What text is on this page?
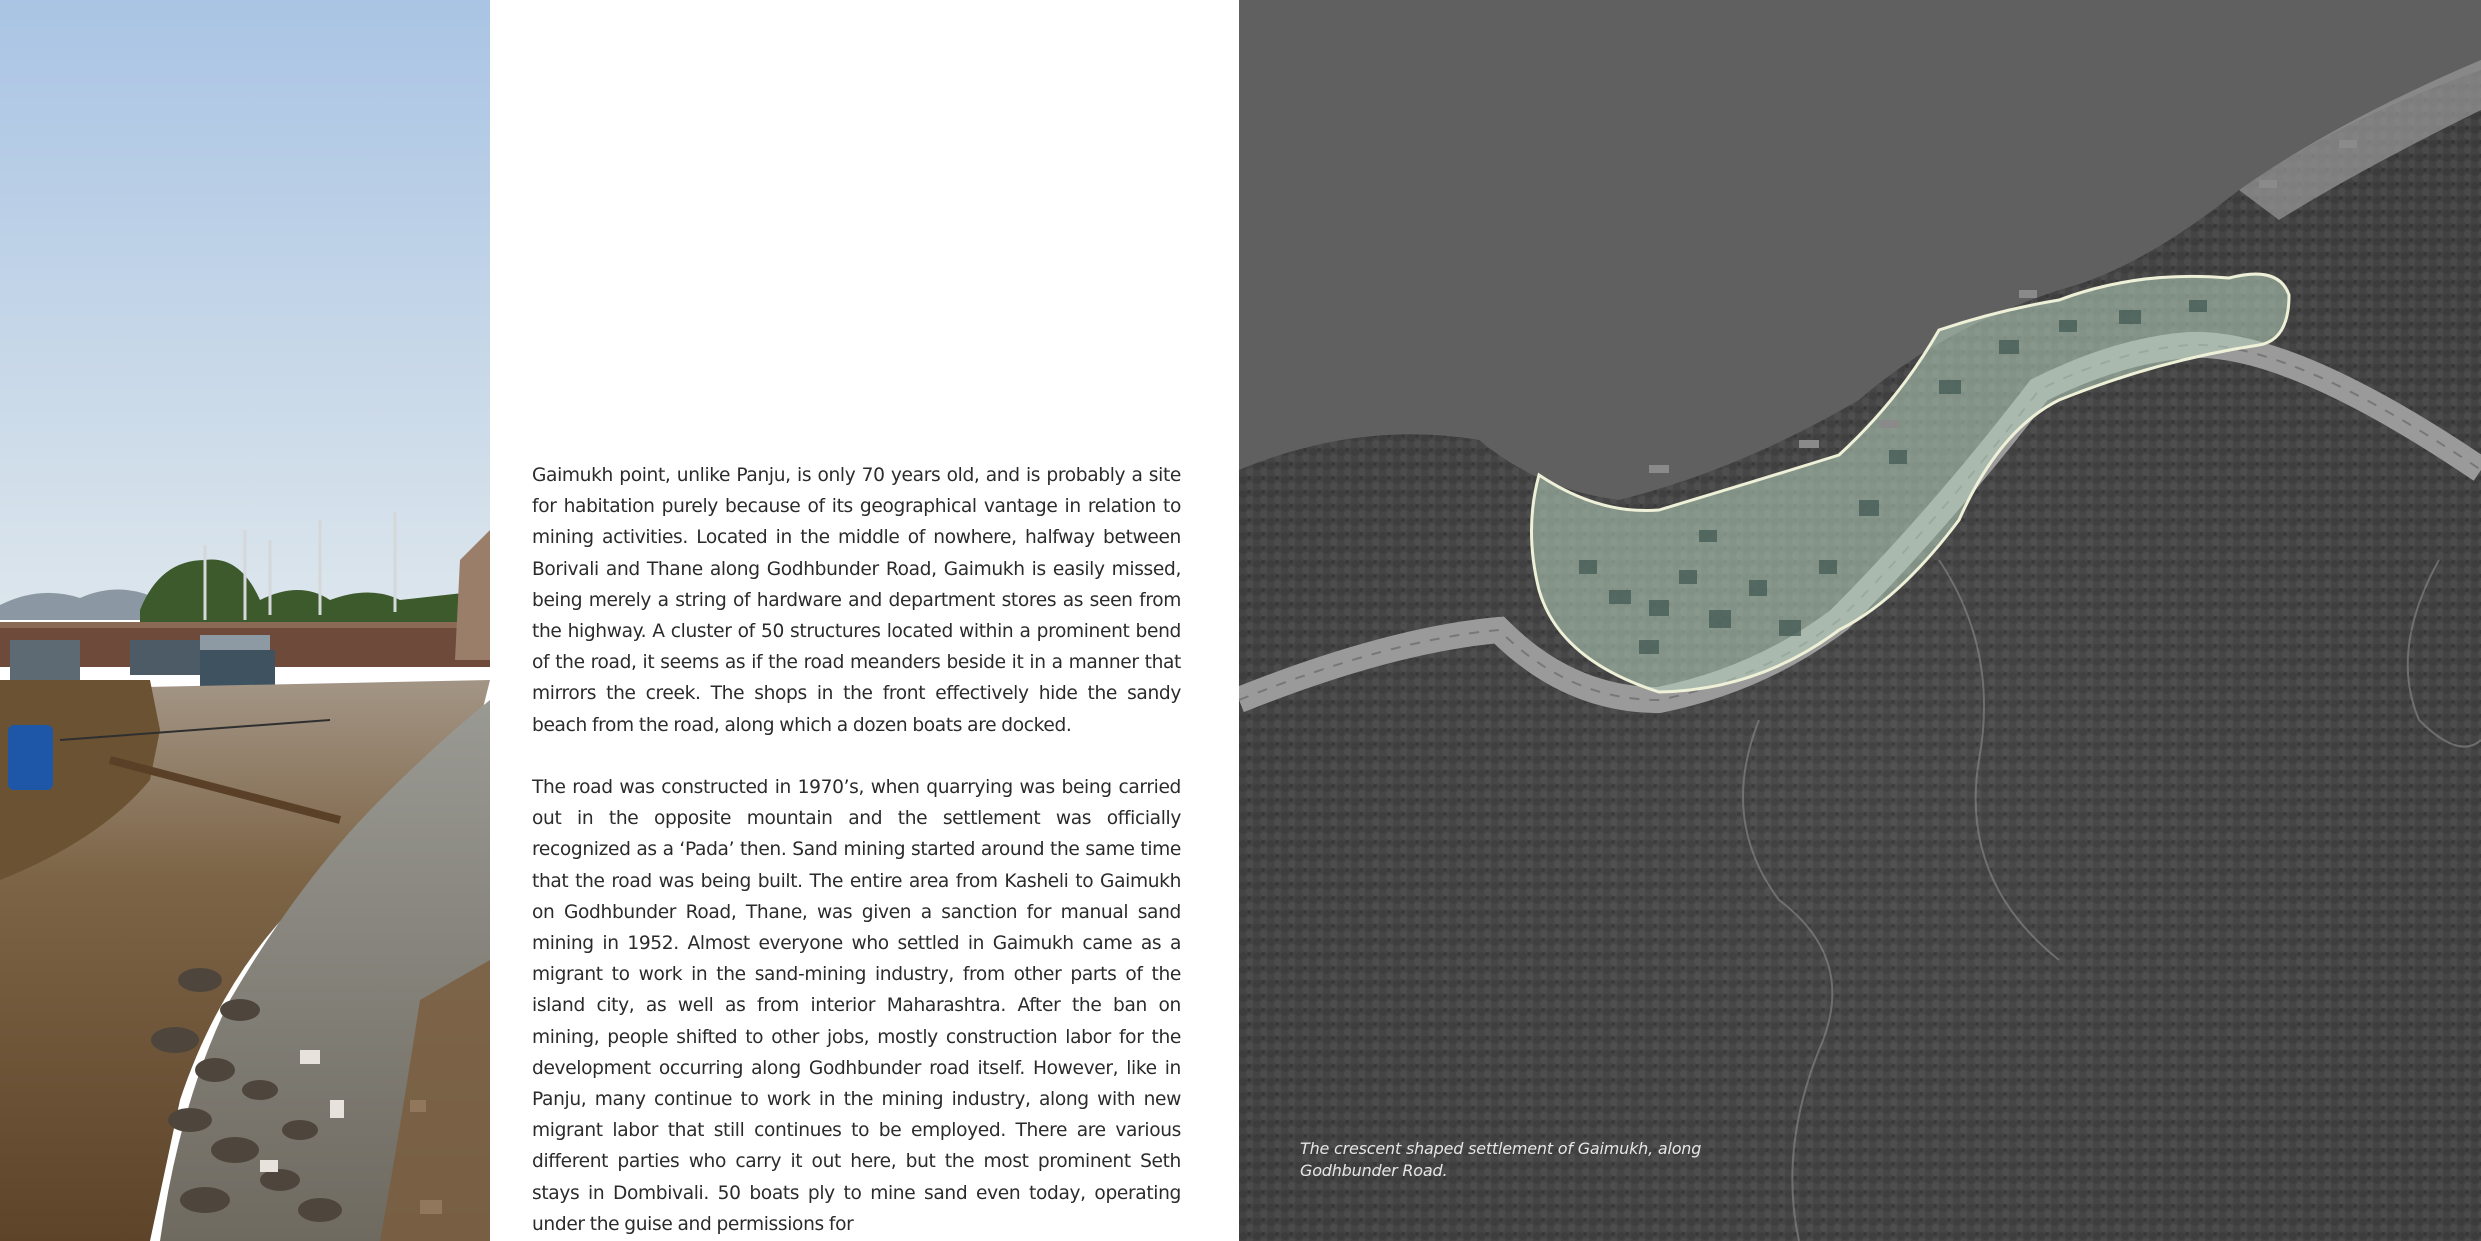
Gaimukh point, unlike Panju, is only 70 years old, and is probably a site for habitation purely because of its geographical vantage in relation to mining activities. Located in the middle of nowhere, halfway between Borivali and Thane along Godhbunder Road, Gaimukh is easily missed, being merely a string of hardware and department stores as seen from the highway. A cluster of 50 structures located within a prominent bend of the road, it seems as if the road meanders beside it in a manner that mirrors the creek. The shops in the front effectively hide the sandy beach from the road, along which a dozen boats are docked.

The road was constructed in 1970’s, when quarrying was being carried out in the opposite mountain and the settlement was officially recognized as a ‘Pada’ then. Sand mining started around the same time that the road was being built. The entire area from Kasheli to Gaimukh on Godhbunder Road, Thane, was given a sanction for manual sand mining in 1952. Almost everyone who settled in Gaimukh came as a migrant to work in the sand-mining industry, from other parts of the island city, as well as from interior Maharashtra. After the ban on mining, people shifted to other jobs, mostly construction labor for the development occurring along Godhbunder road itself. However, like in Panju, many continue to work in the mining industry, along with new migrant labor that still continues to be employed. There are various different parties who carry it out here, but the most prominent Seth stays in Dombivali. 50 boats ply to mine sand even today, operating under the guise and permissions for

The crescent shaped settlement of Gaimukh, along Godhbunder Road.
